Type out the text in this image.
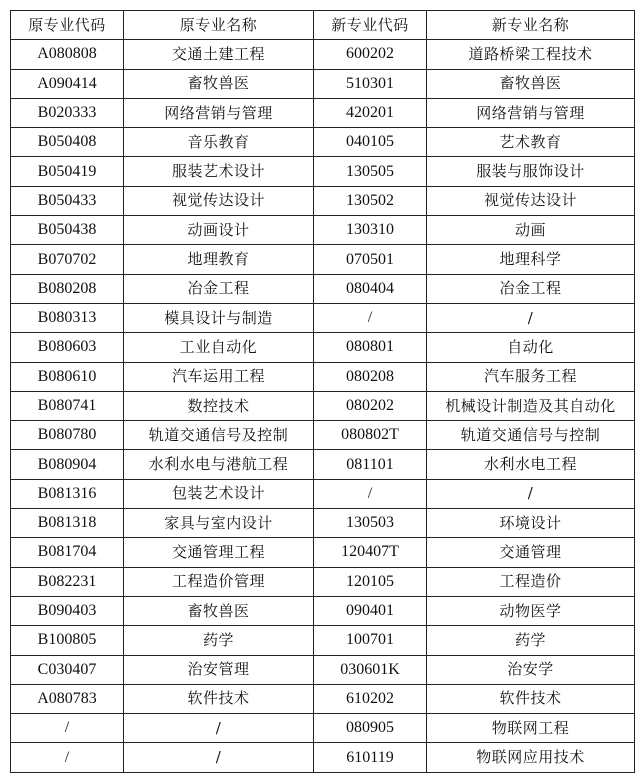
原专业代码	原专业名称	新专业代码	新专业名称
A080808	交通土建工程	600202	道路桥梁工程技术
A090414	畜牧兽医	510301	畜牧兽医
B020333	网络营销与管理	420201	网络营销与管理
B050408	音乐教育	040105	艺术教育
B050419	服装艺术设计	130505	服装与服饰设计
B050433	视觉传达设计	130502	视觉传达设计
B050438	动画设计	130310	动画
B070702	地理教育	070501	地理科学
B080208	冶金工程	080404	冶金工程
B080313	模具设计与制造	/	/
B080603	工业自动化	080801	自动化
B080610	汽车运用工程	080208	汽车服务工程
B080741	数控技术	080202	机械设计制造及其自动化
B080780	轨道交通信号及控制	080802T	轨道交通信号与控制
B080904	水利水电与港航工程	081101	水利水电工程
B081316	包装艺术设计	/	/
B081318	家具与室内设计	130503	环境设计
B081704	交通管理工程	120407T	交通管理
B082231	工程造价管理	120105	工程造价
B090403	畜牧兽医	090401	动物医学
B100805	药学	100701	药学
C030407	治安管理	030601K	治安学
A080783	软件技术	610202	软件技术
/	/	080905	物联网工程
/	/	610119	物联网应用技术
